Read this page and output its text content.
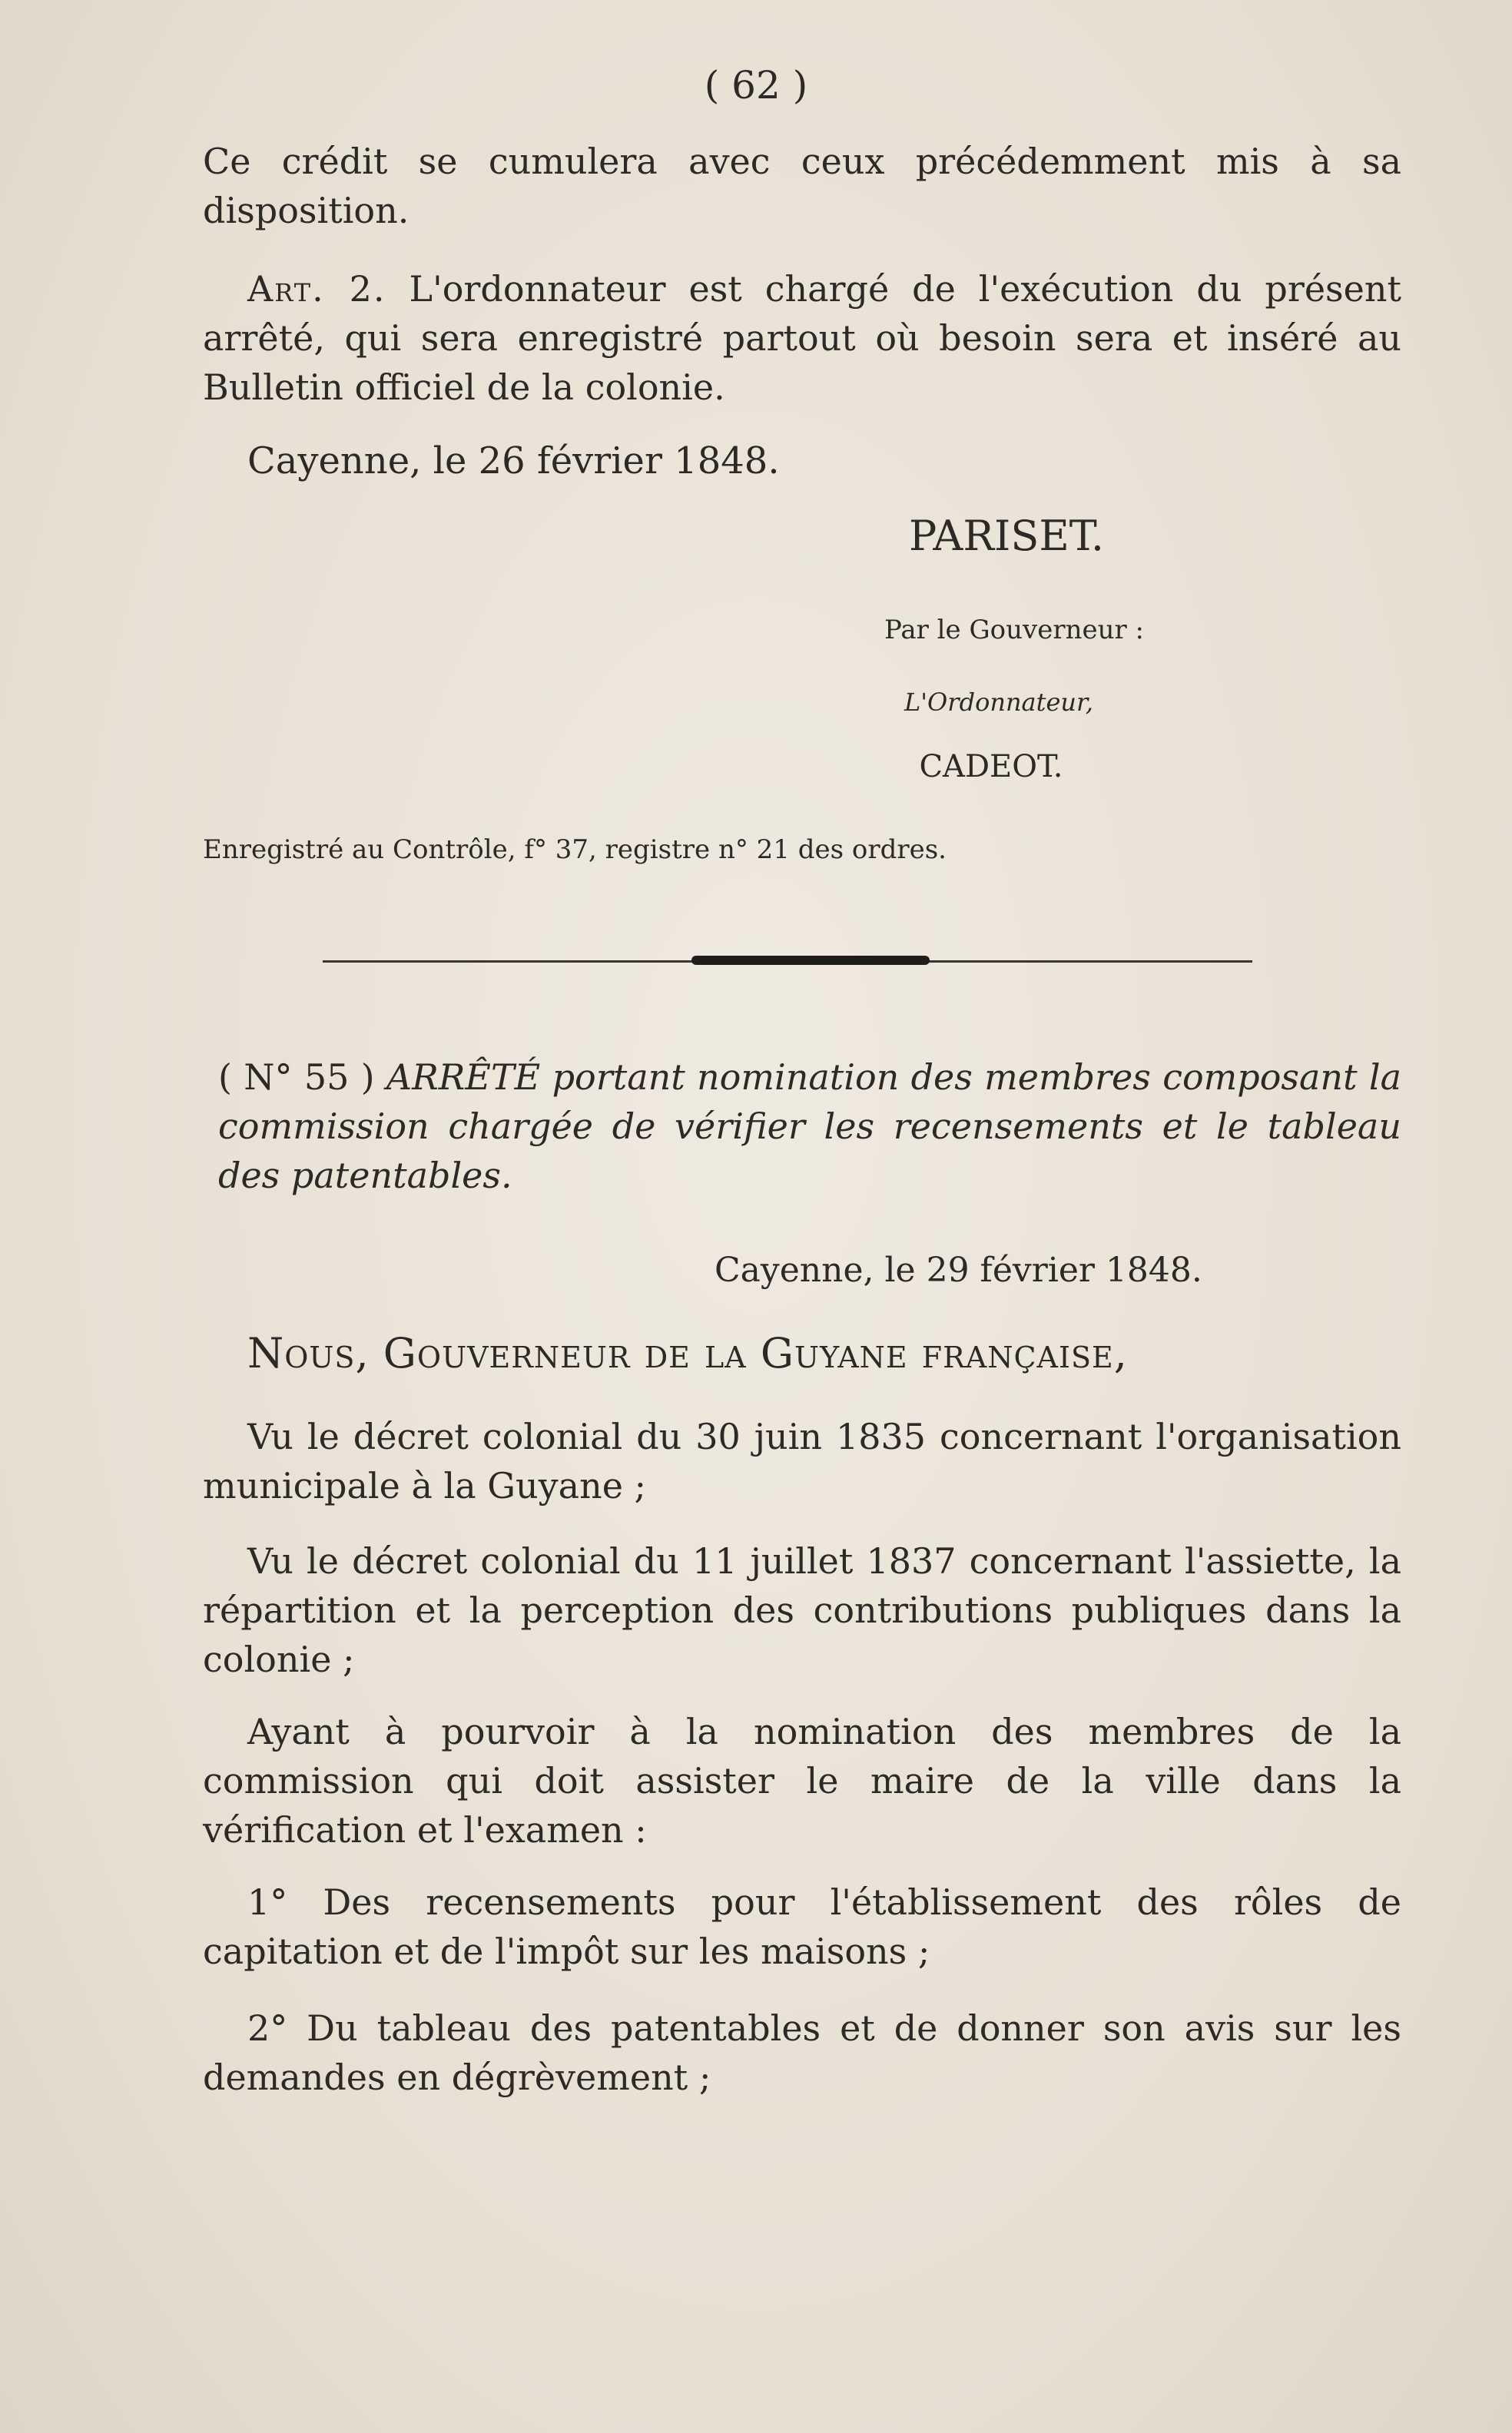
( 62 )
Ce crédit se cumulera avec ceux précédemment mis à sa disposition.
Art. 2. L'ordonnateur est chargé de l'exécution du présent arrêté, qui sera enregistré partout où besoin sera et inséré au Bulletin officiel de la colonie.
Cayenne, le 26 février 1848.
PARISET.
Par le Gouverneur :
L'Ordonnateur,
CADEOT.
Enregistré au Contrôle, f° 37, registre n° 21 des ordres.
( N° 55 ) ARRÊTÉ portant nomination des membres composant la commission chargée de vérifier les recensements et le tableau des patentables.
Cayenne, le 29 février 1848.
Nous, Gouverneur de la Guyane française,
Vu le décret colonial du 30 juin 1835 concernant l'organisation municipale à la Guyane ;
Vu le décret colonial du 11 juillet 1837 concernant l'assiette, la répartition et la perception des contributions publiques dans la colonie ;
Ayant à pourvoir à la nomination des membres de la commission qui doit assister le maire de la ville dans la vérification et l'examen :
1° Des recensements pour l'établissement des rôles de capitation et de l'impôt sur les maisons ;
2° Du tableau des patentables et de donner son avis sur les demandes en dégrèvement ;
